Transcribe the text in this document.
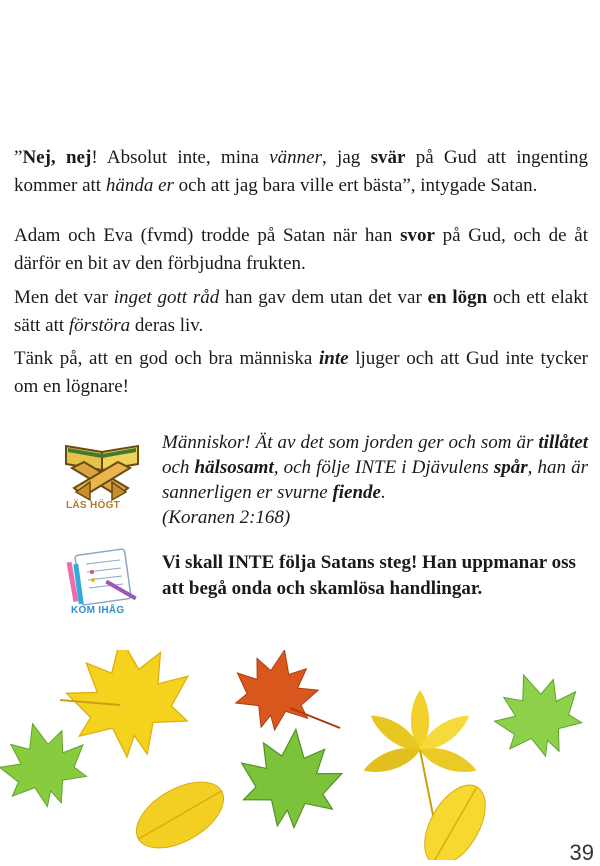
”Nej, nej! Absolut inte, mina vänner, jag svär på Gud att ingenting kommer att hända er och att jag bara ville ert bästa”, intygade Satan.

Adam och Eva (fvmd) trodde på Satan när han svor på Gud, och de åt därför en bit av den förbjudna frukten.

Men det var inget gott råd han gav dem utan det var en lögn och ett elakt sätt att förstöra deras liv.

Tänk på, att en god och bra människa inte ljuger och att Gud inte tycker om en lögnare!

LÄS HÖGT

Människor! Ät av det som jorden ger och som är tillåtet och hälsosamt, och följe INTE i Djävulens spår, han är sannerligen er svurne fiende.
(Koranen 2:168)

KOM IHÅG

Vi skall INTE följa Satans steg! Han uppmanar oss att begå onda och skamlösa handlingar.

39
